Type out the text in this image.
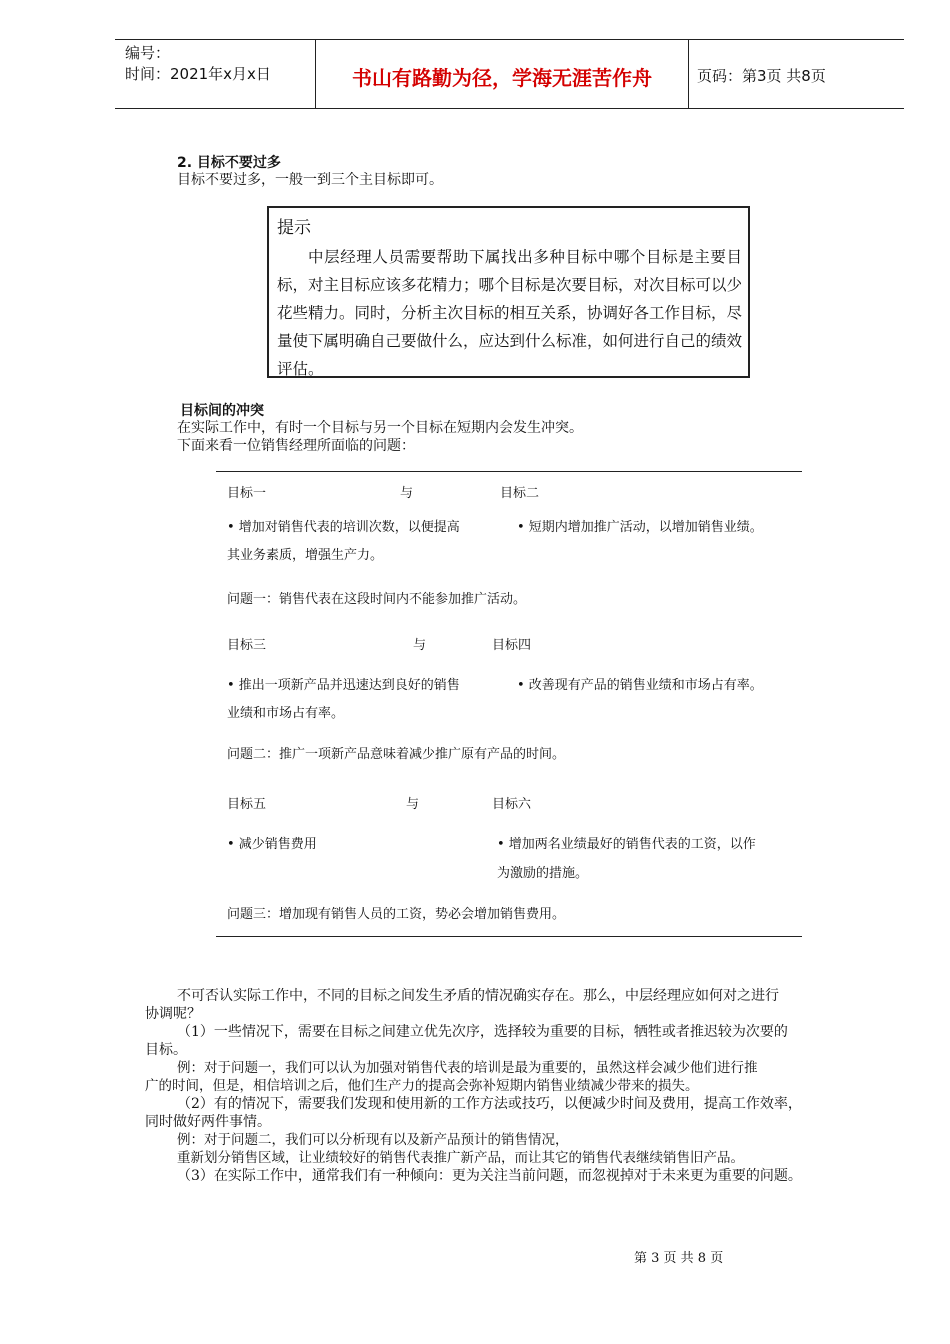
编号：
时间：2021年x月x日	书山有路勤为径，学海无涯苦作舟	页码：第3页 共8页
2. 目标不要过多
目标不要过多，一般一到三个主目标即可。
提示
中层经理人员需要帮助下属找出多种目标中哪个目标是主要目标，对主目标应该多花精力；哪个目标是次要目标，对次目标可以少花些精力。同时，分析主次目标的相互关系，协调好各工作目标，尽量使下属明确自己要做什么，应达到什么标准，如何进行自己的绩效评估。
目标间的冲突
在实际工作中，有时一个目标与另一个目标在短期内会发生冲突。
下面来看一位销售经理所面临的问题：
目标一	与	目标二
• 增加对销售代表的培训次数，以便提高
其业务素质，增强生产力。
• 短期内增加推广活动，以增加销售业绩。
问题一：销售代表在这段时间内不能参加推广活动。
目标三	与	目标四
• 推出一项新产品并迅速达到良好的销售
业绩和市场占有率。
• 改善现有产品的销售业绩和市场占有率。
问题二：推广一项新产品意味着减少推广原有产品的时间。
目标五	与	目标六
• 减少销售费用	• 增加两名业绩最好的销售代表的工资，以作
为激励的措施。
问题三：增加现有销售人员的工资，势必会增加销售费用。
不可否认实际工作中，不同的目标之间发生矛盾的情况确实存在。那么，中层经理应如何对之进行
协调呢？
（1）一些情况下，需要在目标之间建立优先次序，选择较为重要的目标，牺牲或者推迟较为次要的
目标。
例：对于问题一，我们可以认为加强对销售代表的培训是最为重要的，虽然这样会减少他们进行推
广的时间，但是，相信培训之后，他们生产力的提高会弥补短期内销售业绩减少带来的损失。
（2）有的情况下，需要我们发现和使用新的工作方法或技巧，以便减少时间及费用，提高工作效率，
同时做好两件事情。
例：对于问题二，我们可以分析现有以及新产品预计的销售情况，
重新划分销售区域，让业绩较好的销售代表推广新产品，而让其它的销售代表继续销售旧产品。
（3）在实际工作中，通常我们有一种倾向：更为关注当前问题，而忽视掉对于未来更为重要的问题。
第 3 页 共 8 页
